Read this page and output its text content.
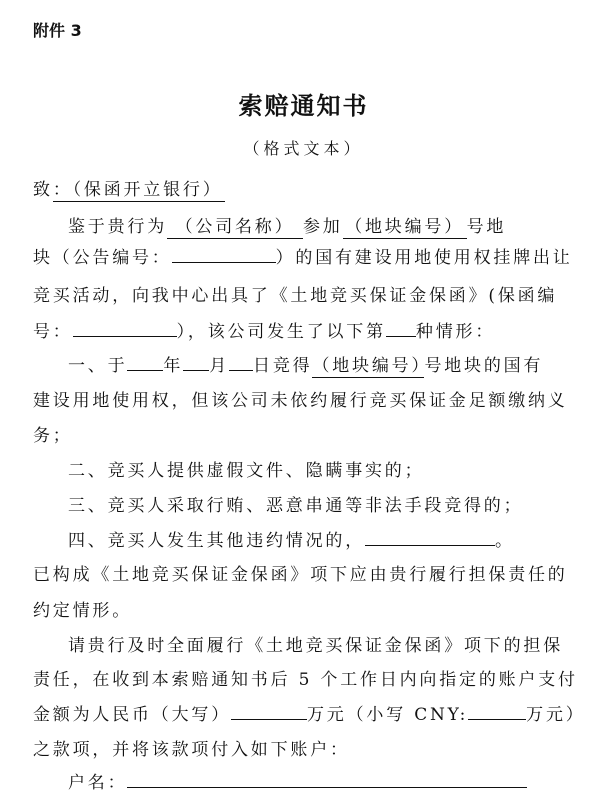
附件 3
索赔通知书
（格式文本）
致：（保函开立银行）
鉴于贵行为 （公司名称） 参加 （地块编号） 号地
块（公告编号：	）的国有建设用地使用权挂牌出让
竞买活动，向我中心出具了《土地竞买保证金保函》(保函编
号：	），该公司发生了以下第 种情形：
一、于 年 月 日竞得（地块编号）号地块的国有
建设用地使用权，但该公司未依约履行竞买保证金足额缴纳义
务；
二、竞买人提供虚假文件、隐瞒事实的；
三、竞买人采取行贿、恶意串通等非法手段竞得的；
四、竞买人发生其他违约情况的，	。
已构成《土地竞买保证金保函》项下应由贵行履行担保责任的
约定情形。
请贵行及时全面履行《土地竞买保证金保函》项下的担保
责任，在收到本索赔通知书后 5 个工作日内向指定的账户支付
金额为人民币（大写）	万元（小写 CNY:	万元）
之款项，并将该款项付入如下账户：
户名：
